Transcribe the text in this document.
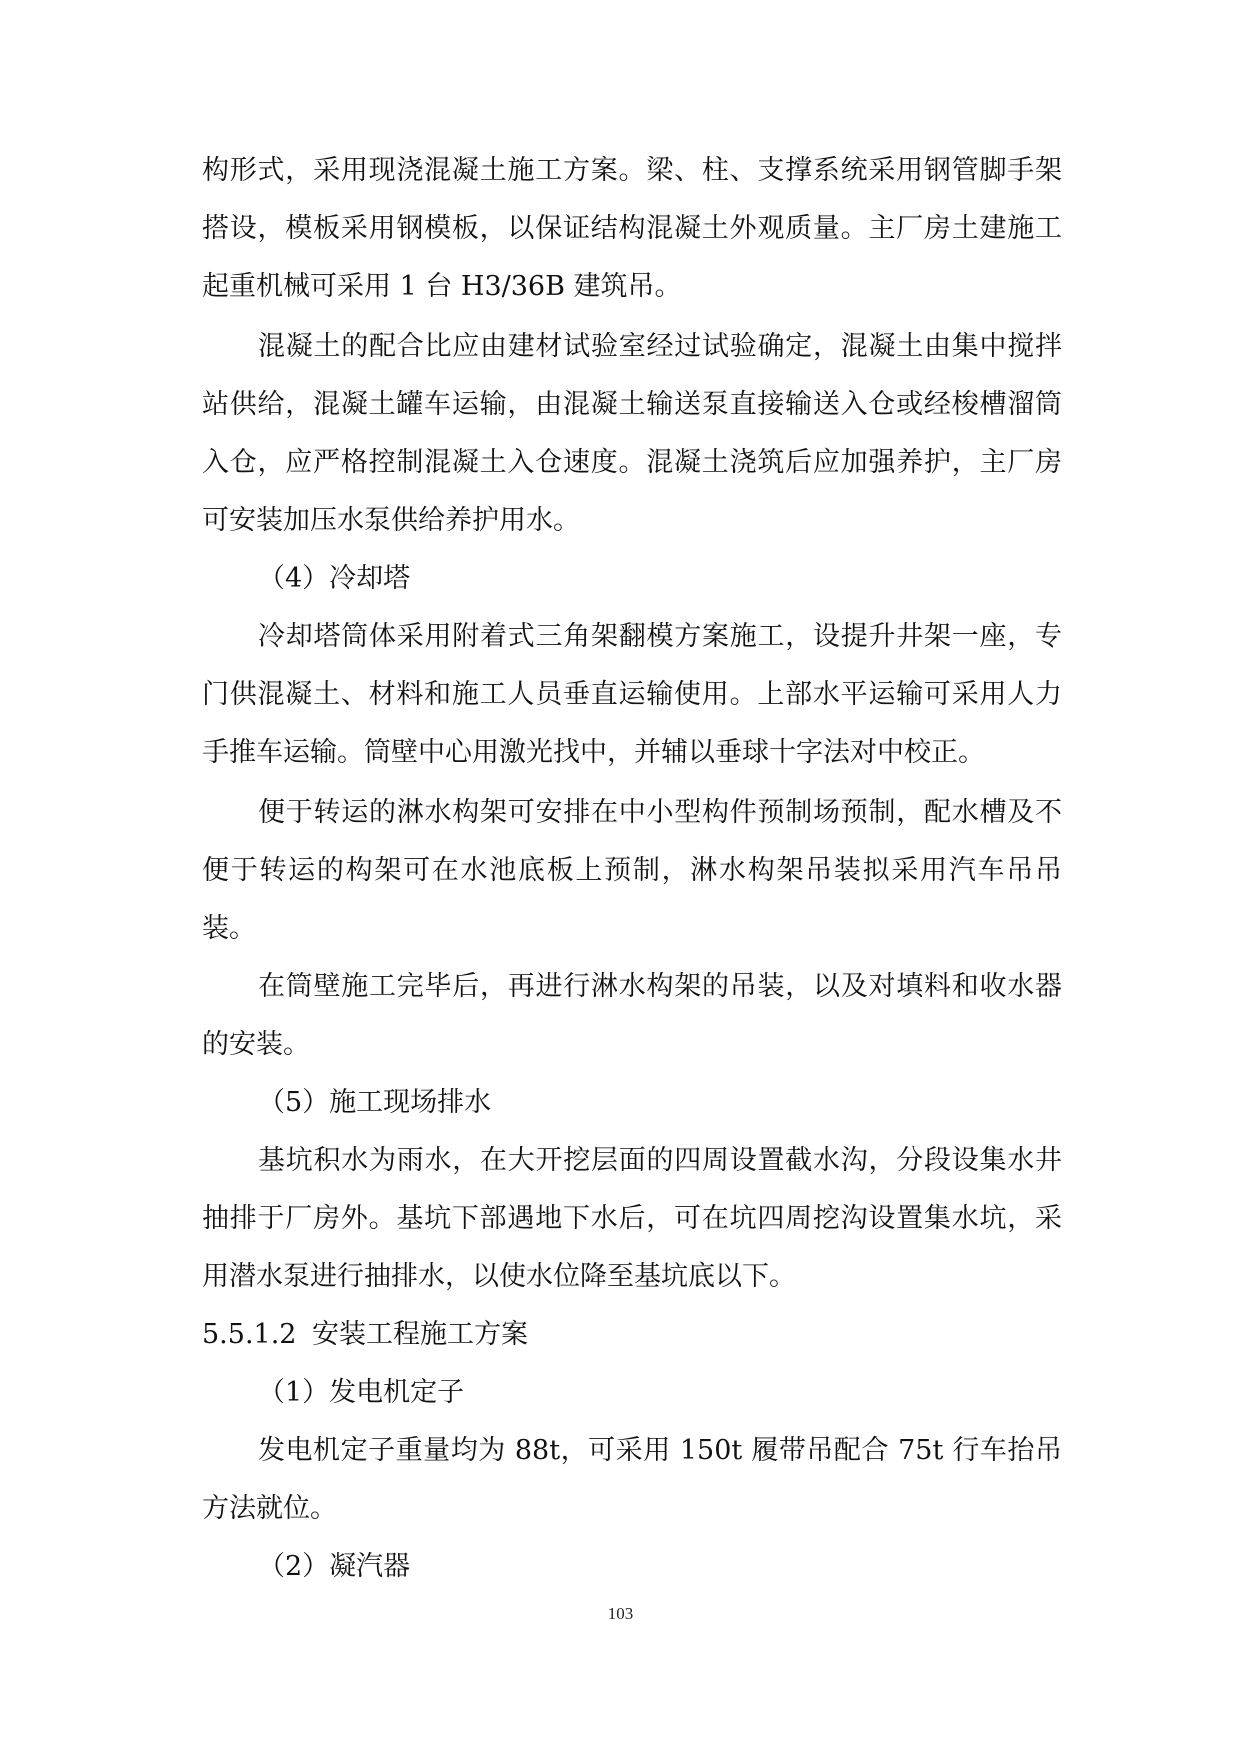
构形式，采用现浇混凝土施工方案。梁、柱、支撑系统采用钢管脚手架搭设，模板采用钢模板，以保证结构混凝土外观质量。主厂房土建施工起重机械可采用 1 台 H3/36B 建筑吊。

混凝土的配合比应由建材试验室经过试验确定，混凝土由集中搅拌站供给，混凝土罐车运输，由混凝土输送泵直接输送入仓或经梭槽溜筒入仓，应严格控制混凝土入仓速度。混凝土浇筑后应加强养护，主厂房可安装加压水泵供给养护用水。

（4）冷却塔

冷却塔筒体采用附着式三角架翻模方案施工，设提升井架一座，专门供混凝土、材料和施工人员垂直运输使用。上部水平运输可采用人力手推车运输。筒壁中心用激光找中，并辅以垂球十字法对中校正。

便于转运的淋水构架可安排在中小型构件预制场预制，配水槽及不便于转运的构架可在水池底板上预制，淋水构架吊装拟采用汽车吊吊装。

在筒壁施工完毕后，再进行淋水构架的吊装，以及对填料和收水器的安装。

（5）施工现场排水

基坑积水为雨水，在大开挖层面的四周设置截水沟，分段设集水井抽排于厂房外。基坑下部遇地下水后，可在坑四周挖沟设置集水坑，采用潜水泵进行抽排水，以使水位降至基坑底以下。

5.5.1.2 安装工程施工方案

（1）发电机定子

发电机定子重量均为 88t，可采用 150t 履带吊配合 75t 行车抬吊方法就位。

（2）凝汽器

103
